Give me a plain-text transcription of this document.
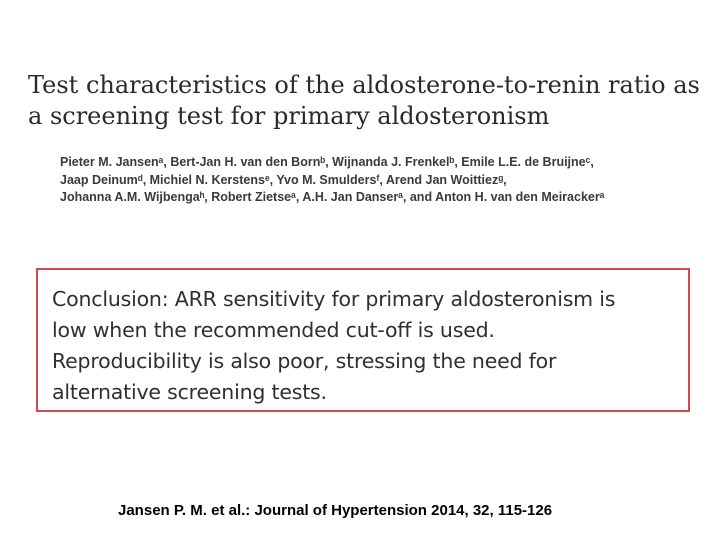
Test characteristics of the aldosterone-to-renin ratio as
a screening test for primary aldosteronism
Pieter M. Jansenᵃ, Bert-Jan H. van den Bornᵇ, Wijnanda J. Frenkelᵇ, Emile L.E. de Bruijneᶜ,
Jaap Deinumᵈ, Michiel N. Kerstensᵉ, Yvo M. Smuldersᶠ, Arend Jan Woittiezᵍ,
Johanna A.M. Wijbengaʰ, Robert Zietseᵃ, A.H. Jan Danserᵃ, and Anton H. van den Meirackerᵃ
Conclusion: ARR sensitivity for primary aldosteronism is
low when the recommended cut-off is used.
Reproducibility is also poor, stressing the need for
alternative screening tests.
Jansen P. M. et al.: Journal of Hypertension 2014, 32, 115-126
